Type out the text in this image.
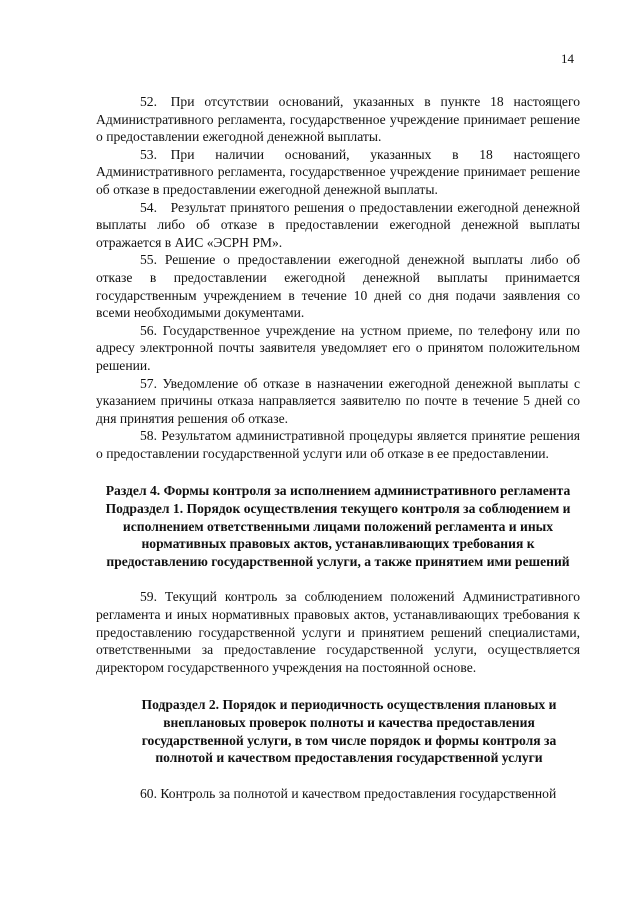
14

52. При отсутствии оснований, указанных в пункте 18 настоящего Административного регламента, государственное учреждение принимает решение о предоставлении ежегодной денежной выплаты.

53. При наличии оснований, указанных в 18 настоящего Административного регламента, государственное учреждение принимает решение об отказе в предоставлении ежегодной денежной выплаты.

54. Результат принятого решения о предоставлении ежегодной денежной выплаты либо об отказе в предоставлении ежегодной денежной выплаты отражается в АИС «ЭСРН РМ».

55. Решение о предоставлении ежегодной денежной выплаты либо об отказе в предоставлении ежегодной денежной выплаты принимается государственным учреждением в течение 10 дней со дня подачи заявления со всеми необходимыми документами.

56. Государственное учреждение на устном приеме, по телефону или по адресу электронной почты заявителя уведомляет его о принятом положительном решении.

57. Уведомление об отказе в назначении ежегодной денежной выплаты с указанием причины отказа направляется заявителю по почте в течение 5 дней со дня принятия решения об отказе.

58. Результатом административной процедуры является принятие решения о предоставлении государственной услуги или об отказе в ее предоставлении.

Раздел 4. Формы контроля за исполнением административного регламента

Подраздел 1. Порядок осуществления текущего контроля за соблюдением и исполнением ответственными лицами положений регламента и иных нормативных правовых актов, устанавливающих требования к предоставлению государственной услуги, а также принятием ими решений

59. Текущий контроль за соблюдением положений Административного регламента и иных нормативных правовых актов, устанавливающих требования к предоставлению государственной услуги и принятием решений специалистами, ответственными за предоставление государственной услуги, осуществляется директором государственного учреждения на постоянной основе.

Подраздел 2. Порядок и периодичность осуществления плановых и внеплановых проверок полноты и качества предоставления государственной услуги, в том числе порядок и формы контроля за полнотой и качеством предоставления государственной услуги

60. Контроль за полнотой и качеством предоставления государственной
